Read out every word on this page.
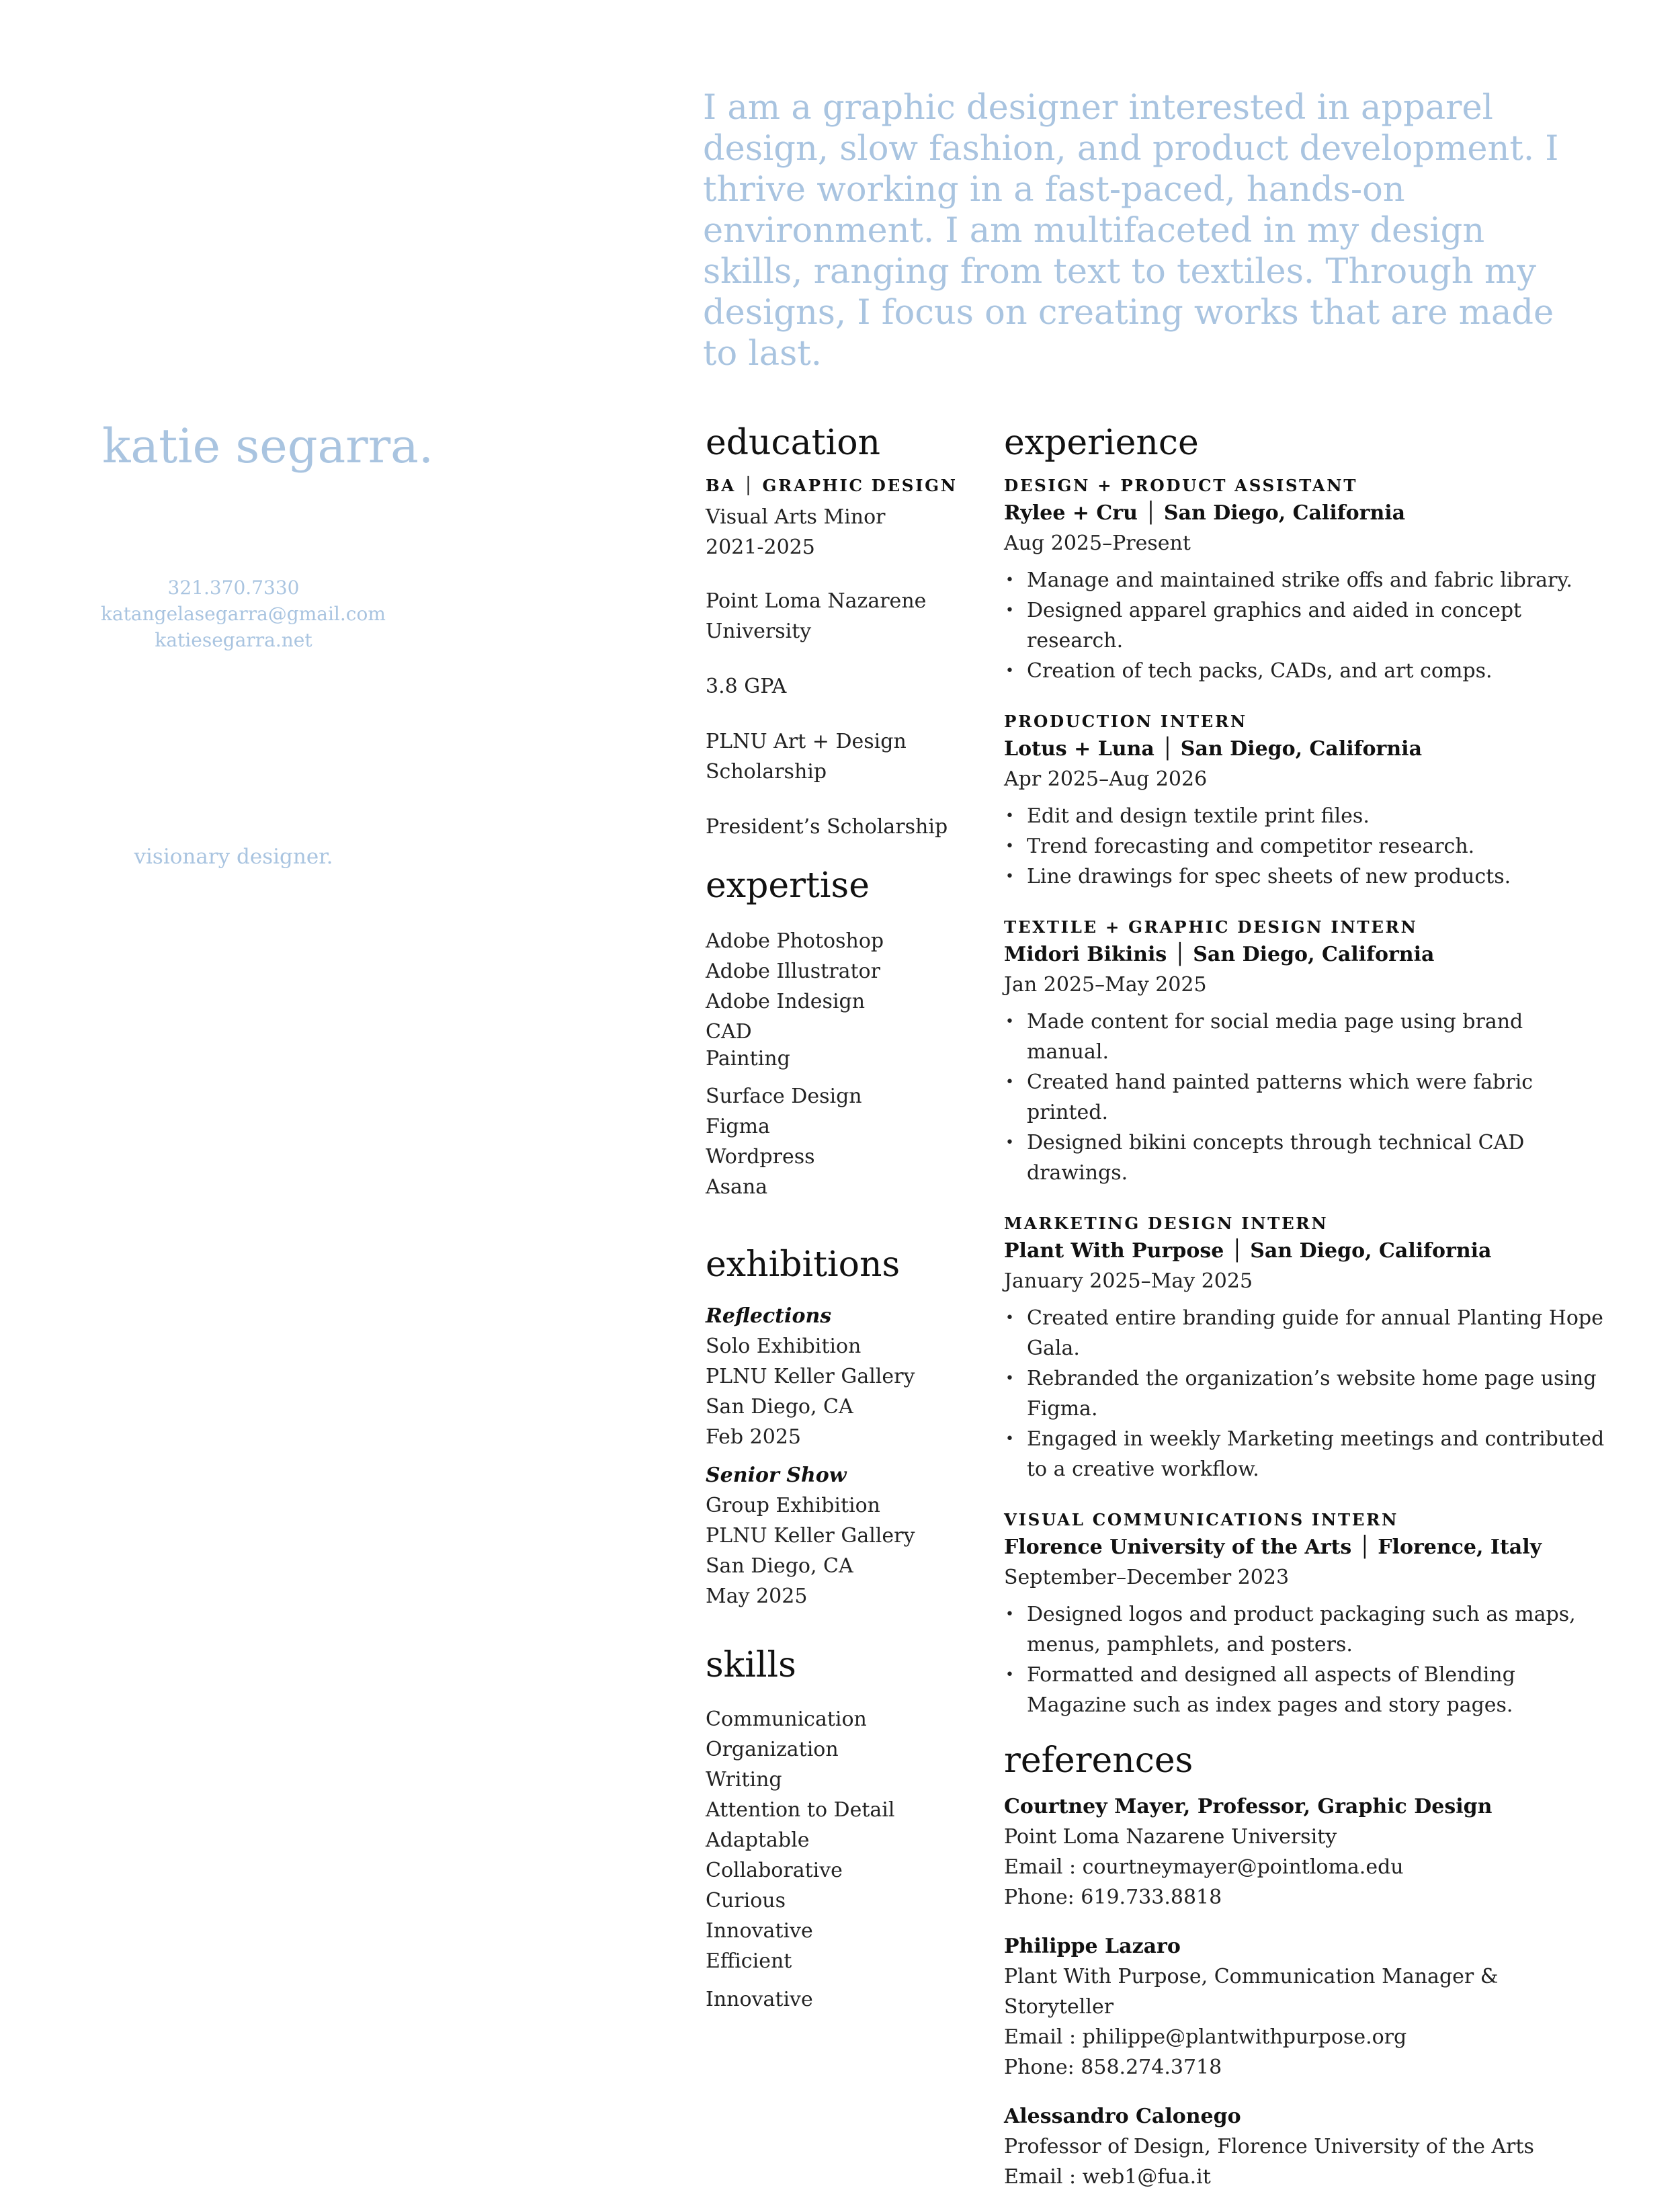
I am a graphic designer interested in apparel design, slow fashion, and product development. I thrive working in a fast-paced, hands-on environment. I am multifaceted in my design skills, ranging from text to textiles. Through my designs, I focus on creating works that are made to last.

katie segarra.
321.370.7330
katangelasegarra@gmail.com
katiesegarra.net
visionary designer.
education
BA │ GRAPHIC DESIGN
Visual Arts Minor
2021-2025
Point Loma Nazarene
University
3.8 GPA
PLNU Art + Design
Scholarship
President’s Scholarship
expertise
Adobe Photoshop
Adobe Illustrator
Adobe Indesign
CAD
Painting
Surface Design
Figma
Wordpress
Asana
exhibitions
Reflections
Solo Exhibition
PLNU Keller Gallery
San Diego, CA
Feb 2025
Senior Show
Group Exhibition
PLNU Keller Gallery
San Diego, CA
May 2025
skills
Communication
Organization
Writing
Attention to Detail
Adaptable
Collaborative
Curious
Innovative
Efficient
Innovative
experience
DESIGN + PRODUCT ASSISTANT
Rylee + Cru │ San Diego, California
Aug 2025–Present
• Manage and maintained strike offs and fabric library.
• Designed apparel graphics and aided in concept research.
• Creation of tech packs, CADs, and art comps.
PRODUCTION INTERN
Lotus + Luna │ San Diego, California
Apr 2025–Aug 2026
• Edit and design textile print files.
• Trend forecasting and competitor research.
• Line drawings for spec sheets of new products.
TEXTILE + GRAPHIC DESIGN INTERN
Midori Bikinis │ San Diego, California
Jan 2025–May 2025
• Made content for social media page using brand manual.
• Created hand painted patterns which were fabric printed.
• Designed bikini concepts through technical CAD drawings.
MARKETING DESIGN INTERN
Plant With Purpose │ San Diego, California
January 2025–May 2025
• Created entire branding guide for annual Planting Hope Gala.
• Rebranded the organization’s website home page using Figma.
• Engaged in weekly Marketing meetings and contributed to a creative workflow.
VISUAL COMMUNICATIONS INTERN
Florence University of the Arts │ Florence, Italy
September–December 2023
• Designed logos and product packaging such as maps, menus, pamphlets, and posters.
• Formatted and designed all aspects of Blending Magazine such as index pages and story pages.
references
Courtney Mayer, Professor, Graphic Design
Point Loma Nazarene University
Email : courtneymayer@pointloma.edu
Phone: 619.733.8818
Philippe Lazaro
Plant With Purpose, Communication Manager & Storyteller
Email : philippe@plantwithpurpose.org
Phone: 858.274.3718
Alessandro Calonego
Professor of Design, Florence University of the Arts
Email : web1@fua.it
